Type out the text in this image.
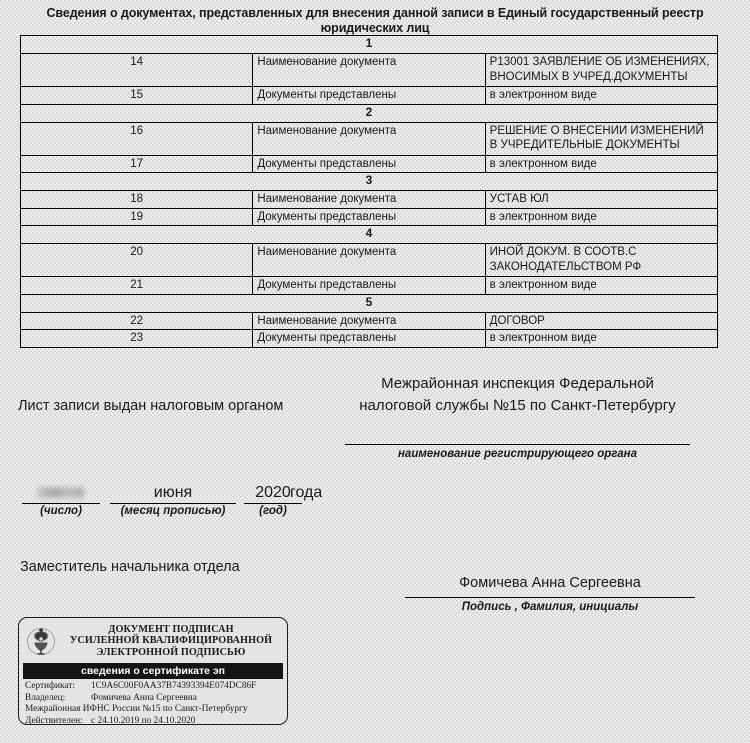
Сведения о документах, представленных для внесения данной записи в Единый государственный реестр юридических лиц
1		
14	Наименование документа	Р13001 ЗАЯВЛЕНИЕ ОБ ИЗМЕНЕНИЯХ, ВНОСИМЫХ В УЧРЕД.ДОКУМЕНТЫ
15	Документы представлены	в электронном виде
2		
16	Наименование документа	РЕШЕНИЕ О ВНЕСЕНИИ ИЗМЕНЕНИЙ В УЧРЕДИТЕЛЬНЫЕ ДОКУМЕНТЫ
17	Документы представлены	в электронном виде
3		
18	Наименование документа	УСТАВ ЮЛ
19	Документы представлены	в электронном виде
4		
20	Наименование документа	ИНОЙ ДОКУМ. В СООТВ.С ЗАКОНОДАТЕЛЬСТВОМ РФ
21	Документы представлены	в электронном виде
5		
22	Наименование документа	ДОГОВОР
23	Документы представлены	в электронном виде
Лист записи выдан налоговым органом
Межрайонная инспекция Федеральной налоговой службы №15 по Санкт-Петербургу
наименование регистрирующего органа
(число)
июня
(месяц прописью)
2020
(год)
года
Заместитель начальника отдела
Фомичева Анна Сергеевна
Подпись , Фамилия, инициалы
ДОКУМЕНТ ПОДПИСАН
УСИЛЕННОЙ КВАЛИФИЦИРОВАННОЙ
ЭЛЕКТРОННОЙ ПОДПИСЬЮ
сведения о сертификате эп
Сертификат:	1C9A6C00F0AA37B74393394E074DC86F
Владелец:	Фомичева Анна Сергеевна
Межрайонная ИФНС России №15 по Санкт-Петербургу
Действителен: с 24.10.2019 по 24.10.2020
